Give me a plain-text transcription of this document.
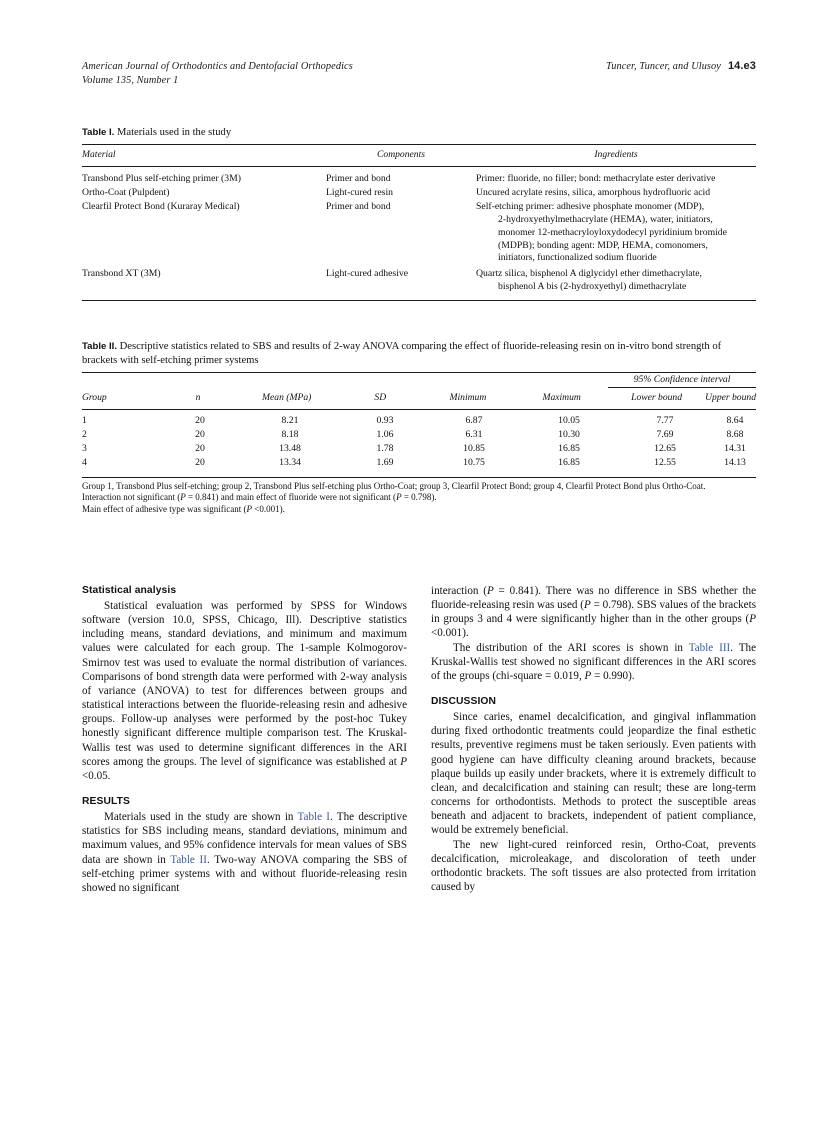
American Journal of Orthodontics and Dentofacial Orthopedics
Volume 135, Number 1
Tuncer, Tuncer, and Ulusoy 14.e3
Table I. Materials used in the study
Material	Components	Ingredients
Transbond Plus self-etching primer (3M)	Primer and bond	Primer: fluoride, no filler; bond: methacrylate ester derivative

Ortho-Coat (Pulpdent)	Light-cured resin	Uncured acrylate resins, silica, amorphous hydrofluoric acid

Clearfil Protect Bond (Kuraray Medical)	Primer and bond	Self-etching primer: adhesive phosphate monomer (MDP),
2-hydroxyethylmethacrylate (HEMA), water, initiators,
monomer 12-methacryloyloxydodecyl pyridinium bromide
(MDPB); bonding agent: MDP, HEMA, comonomers,
initiators, functionalized sodium fluoride

Transbond XT (3M)	Light-cured adhesive	Quartz silica, bisphenol A diglycidyl ether dimethacrylate,
bisphenol A bis (2-hydroxyethyl) dimethacrylate
Table II. Descriptive statistics related to SBS and results of 2-way ANOVA comparing the effect of fluoride-releasing resin on in-vitro bond strength of brackets with self-etching primer systems
						95% Confidence interval	
Group	n	Mean (MPa)	SD	Minimum	Maximum	Lower bound	Upper bound
1	20	8.21	0.93	6.87	10.05	7.77	8.64
2	20	8.18	1.06	6.31	10.30	7.69	8.68
3	20	13.48	1.78	10.85	16.85	12.65	14.31
4	20	13.34	1.69	10.75	16.85	12.55	14.13

Group 1, Transbond Plus self-etching; group 2, Transbond Plus self-etching plus Ortho-Coat; group 3, Clearfil Protect Bond; group 4, Clearfil Protect Bond plus Ortho-Coat.

Interaction not significant (P = 0.841) and main effect of fluoride were not significant (P = 0.798).

Main effect of adhesive type was significant (P <0.001).

Statistical analysis

Statistical evaluation was performed by SPSS for Windows software (version 10.0, SPSS, Chicago, Ill). Descriptive statistics including means, standard deviations, and minimum and maximum values were calculated for each group. The 1-sample Kolmogorov-Smirnov test was used to evaluate the normal distribution of variances. Comparisons of bond strength data were performed with 2-way analysis of variance (ANOVA) to test for differences between groups and statistical interactions between the fluoride-releasing resin and adhesive groups. Follow-up analyses were performed by the post-hoc Tukey honestly significant difference multiple comparison test. The Kruskal-Wallis test was used to determine significant differences in the ARI scores among the groups. The level of significance was established at P <0.05.

RESULTS

Materials used in the study are shown in Table I. The descriptive statistics for SBS including means, standard deviations, minimum and maximum values, and 95% confidence intervals for mean values of SBS data are shown in Table II. Two-way ANOVA comparing the SBS of self-etching primer systems with and without fluoride-releasing resin showed no significant

interaction (P = 0.841). There was no difference in SBS whether the fluoride-releasing resin was used (P = 0.798). SBS values of the brackets in groups 3 and 4 were significantly higher than in the other groups (P <0.001).

The distribution of the ARI scores is shown in Table III. The Kruskal-Wallis test showed no significant differences in the ARI scores of the groups (chi-square = 0.019, P = 0.990).

DISCUSSION

Since caries, enamel decalcification, and gingival inflammation during fixed orthodontic treatments could jeopardize the final esthetic results, preventive regimens must be taken seriously. Even patients with good hygiene can have difficulty cleaning around brackets, because plaque builds up easily under brackets, where it is extremely difficult to clean, and decalcification and staining can result; these are long-term concerns for orthodontists. Methods to protect the susceptible areas beneath and adjacent to brackets, independent of patient compliance, would be extremely beneficial.

The new light-cured reinforced resin, Ortho-Coat, prevents decalcification, microleakage, and discoloration of teeth under orthodontic brackets. The soft tissues are also protected from irritation caused by
